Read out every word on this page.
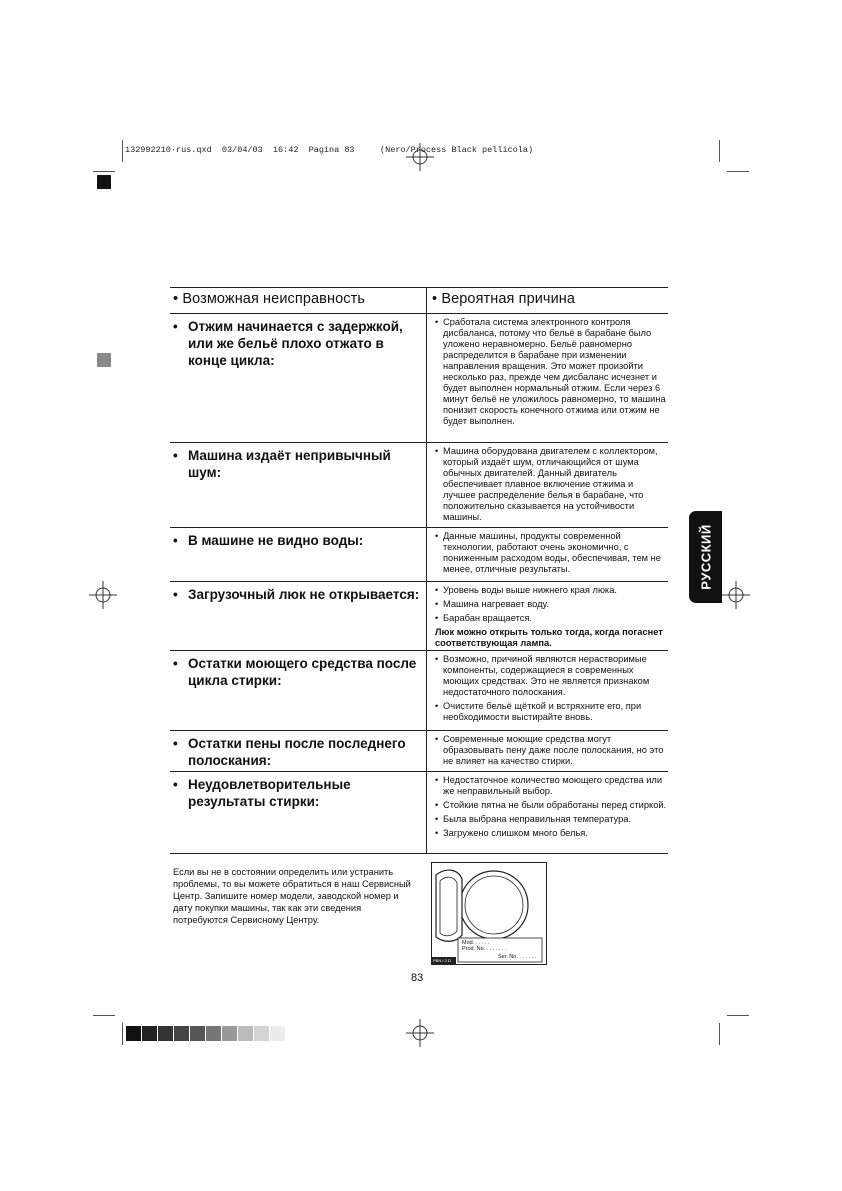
132992210·rus.qxd  03/04/03  16:42  Pagina 83     (Nero/Process Black pellicola)
• Возможная неисправность	• Вероятная причина
• Отжим начинается с задержкой, или же бельё плохо отжато в конце цикла:
• Сработала система электронного контроля дисбаланса, потому что бельё в барабане было уложено неравномерно. Бельё равномерно распределится в барабане при изменении направления вращения. Это может произойти несколько раз, прежде чем дисбаланс исчезнет и будет выполнен нормальный отжим. Если через 6 минут бельё не уложилось равномерно, то машина понизит скорость конечного отжима или отжим не будет выполнен.
• Машина издаёт непривычный шум:
• Машина оборудована двигателем с коллектором, который издаёт шум, отличающийся от шума обычных двигателей. Данный двигатель обеспечивает плавное включение отжима и лучшее распределение белья в барабане, что положительно сказывается на устойчивости машины.
• В машине не видно воды:	• Данные машины, продукты современной технологии, работают очень экономично, с пониженным расходом воды, обеспечивая, тем не менее, отличные результаты.
• Загрузочный люк не открывается: • Уровень воды выше нижнего края люка.
• Машина нагревает воду.
• Барабан вращается.
Люк можно открыть только тогда, когда погаснет соответствующая лампа.
• Остатки моющего средства после цикла стирки:
• Возможно, причиной являются нерастворимые компоненты, содержащиеся в современных моющих средствах. Это не является признаком недостаточного полоскания.
• Очистите бельё щёткой и встряхните его, при необходимости выстирайте вновь.
• Остатки пены после последнего полоскания:
• Современные моющие средства могут образовывать пену даже после полоскания, но это не влияет на качество стирки.
• Неудовлетворительные результаты стирки:
• Недостаточное количество моющего средства или же неправильный выбор.
• Стойкие пятна не были обработаны перед стиркой.
• Была выбрана неправильная температура.
• Загружено слишком много белья.
Если вы не в состоянии определить или устранить проблемы, то вы можете обратиться в наш Сервисный Центр. Запишите номер модели, заводской номер и дату покупки машины, так как эти сведения потребуются Сервисному Центру.
Mod. . . . . .
Prod. No. . . . . . . .
Ser. No. . . . . . .
PBN I 3 D
83
РУССКИЙ
